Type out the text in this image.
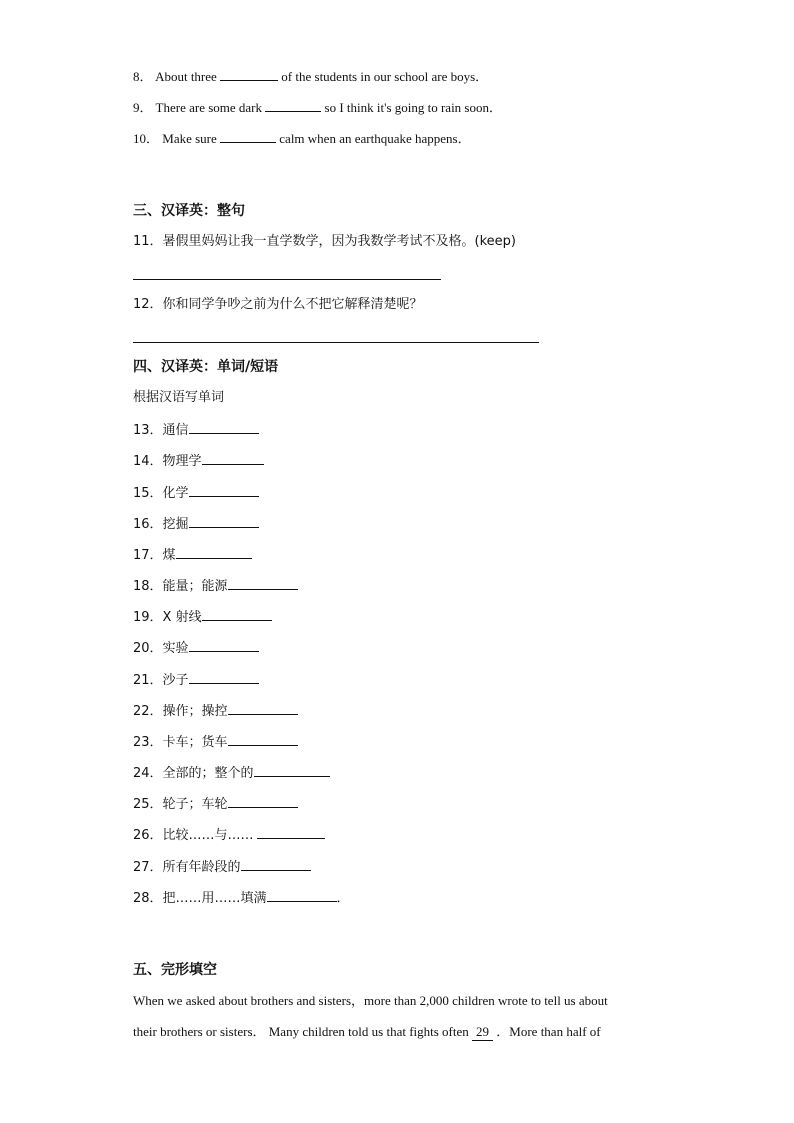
8． About three	of the students in our school are boys．
9． There are some dark	so I think it's going to rain soon．
10． Make sure	calm when an earthquake happens．
三、汉译英：整句
11．暑假里妈妈让我一直学数学，因为我数学考试不及格。(keep)
12．你和同学争吵之前为什么不把它解释清楚呢？
四、汉译英：单词/短语
根据汉语写单词
13．通信
14．物理学
15．化学
16．挖掘
17．煤
18．能量；能源
19．X 射线
20．实验
21．沙子
22．操作；操控
23．卡车；货车
24．全部的；整个的
25．轮子；车轮
26．比较……与……
27．所有年龄段的
28．把……用……填满	．
五、完形填空
When we asked about brothers and sisters，more than 2,000 children wrote to tell us about
their brothers or sisters． Many children told us that fights often 29 ．More than half of
